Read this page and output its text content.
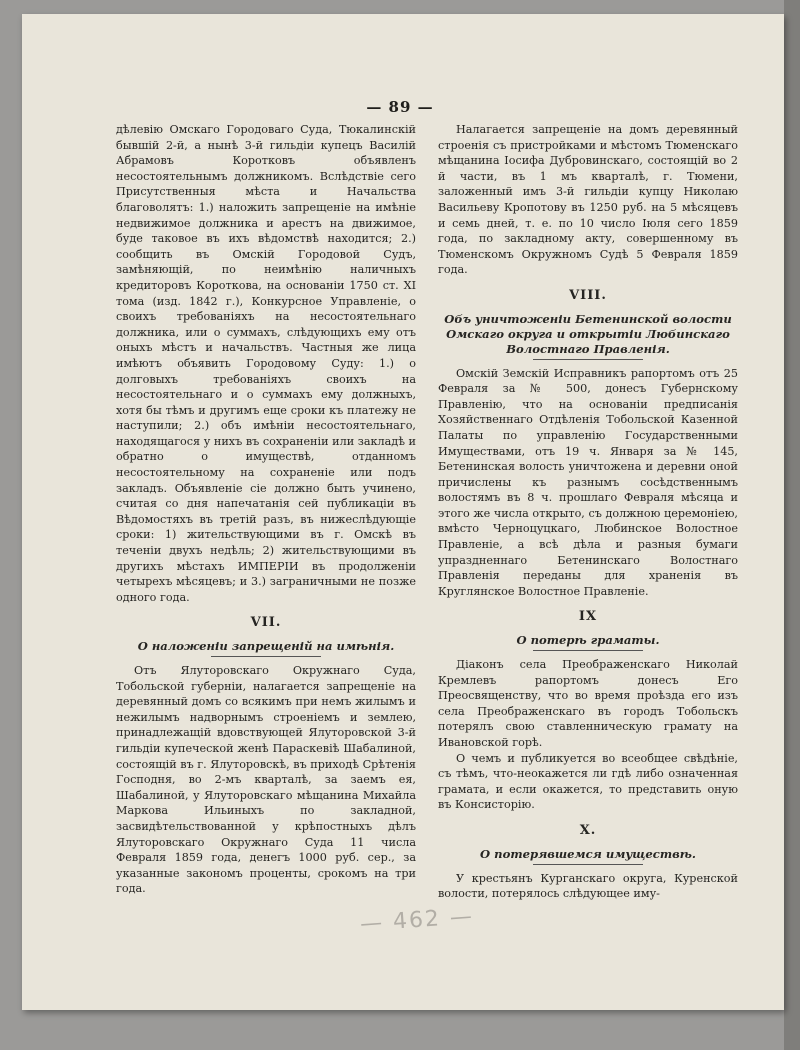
— 89 —

дѣлевію Омскаго Городоваго Суда, Тюкалинскій бывшій 2-й, а нынѣ 3-й гильдіи купецъ Василій Абрамовъ Коротковъ объявленъ несостоятельнымъ должникомъ. Вслѣдствіе сего Присутственныя мѣста и Начальства благоволятъ: 1.) наложить запрещеніе на имѣніе недвижимое должника и арестъ на движимое, буде таковое въ ихъ вѣдомствѣ находится; 2.) сообщить въ Омскій Городовой Судъ, замѣняющій, по неимѣнію наличныхъ кредиторовъ Короткова, на основаніи 1750 ст. XI тома (изд. 1842 г.), Конкурсное Управленіе, о своихъ требованіяхъ на несостоятельнаго должника, или о суммахъ, слѣдующихъ ему отъ оныхъ мѣстъ и начальствъ. Частныя же лица имѣютъ объявить Городовому Суду: 1.) о долговыхъ требованіяхъ своихъ на несостоятельнаго и о суммахъ ему должныхъ, хотя бы тѣмъ и другимъ еще сроки къ платежу не наступили; 2.) объ имѣніи несостоятельнаго, находящагося у нихъ въ сохраненіи или закладѣ и обратно о имуществѣ, отданномъ несостоятельному на сохраненіе или подъ закладъ. Объявленіе сіе должно быть учинено, считая со дня напечатанія сей публикаціи въ Вѣдомостяхъ въ третій разъ, въ нижеслѣдующіе сроки: 1) жительствующими въ г. Омскѣ въ теченіи двухъ недѣль; 2) жительствующими въ другихъ мѣстахъ ИМПЕРІИ въ продолженіи четырехъ мѣсяцевъ; и 3.) заграничными не позже одного года.

VII.
О наложеніи запрещеній на имѣнія.

Отъ Ялуторовскаго Окружнаго Суда, Тобольской губерніи, налагается запрещеніе на деревянный домъ со всякимъ при немъ жилымъ и нежилымъ надворнымъ строеніемъ и землею, принадлежащій вдовствующей Ялуторовской 3-й гильдіи купеческой женѣ Параскевіѣ Шабалиной, состоящій въ г. Ялуторовскѣ, въ приходѣ Срѣтенія Господня, во 2-мъ кварталѣ, за заемъ ея, Шабалиной, у Ялуторовскаго мѣщанина Михайла Маркова Ильиныхъ по закладной, засвидѣтельствованной у крѣпостныхъ дѣлъ Ялуторовскаго Окружнаго Суда 11 числа Февраля 1859 года, денегъ 1000 руб. сер., за указанные закономъ проценты, срокомъ на три года.

Налагается запрещеніе на домъ деревянный строенія съ пристройками и мѣстомъ Тюменскаго мѣщанина Іосифа Дубровинскаго, состоящій во 2 й части, въ 1 мъ кварталѣ, г. Тюмени, заложенный имъ 3-й гильдіи купцу Николаю Васильеву Кропотову въ 1250 руб. на 5 мѣсяцевъ и семь дней, т. е. по 10 число Іюля сего 1859 года, по закладному акту, совершенному въ Тюменскомъ Окружномъ Судѣ 5 Февраля 1859 года.

VIII.
Объ уничтоженіи Бетенинской волости Омскаго округа и открытіи Любинскаго Волостнаго Правленія.

Омскій Земскій Исправникъ рапортомъ отъ 25 Февраля за № 500, донесъ Губернскому Правленію, что на основаніи предписанія Хозяйственнаго Отдѣленія Тобольской Казенной Палаты по управленію Государственными Имуществами, отъ 19 ч. Января за № 145, Бетенинская волость уничтожена и деревни оной причислены къ разнымъ сосѣдственнымъ волостямъ въ 8 ч. прошлаго Февраля мѣсяца и этого же числа открыто, съ должною церемоніею, вмѣсто Черноцуцкаго, Любинское Волостное Правленіе, а всѣ дѣла и разныя бумаги упраздненнаго Бетенинскаго Волостнаго Правленія переданы для храненія въ Круглянское Волостное Правленіе.

IX
О потерѣ граматы.

Діаконъ села Преображенскаго Николай Кремлевъ рапортомъ донесъ Его Преосвященству, что во время проѣзда его изъ села Преображенскаго въ городъ Тобольскъ потерялъ свою ставленническую грамату на Ивановской горѣ.

О чемъ и публикуется во всеобщее свѣдѣніе, съ тѣмъ, что-неокажется ли гдѣ либо означенная грамата, и если окажется, то представить оную въ Консисторію.

X.
О потерявшемся имуществѣ.

У крестьянъ Курганскаго округа, Куренской волости, потерялось слѣдующее иму-

— 462 —
